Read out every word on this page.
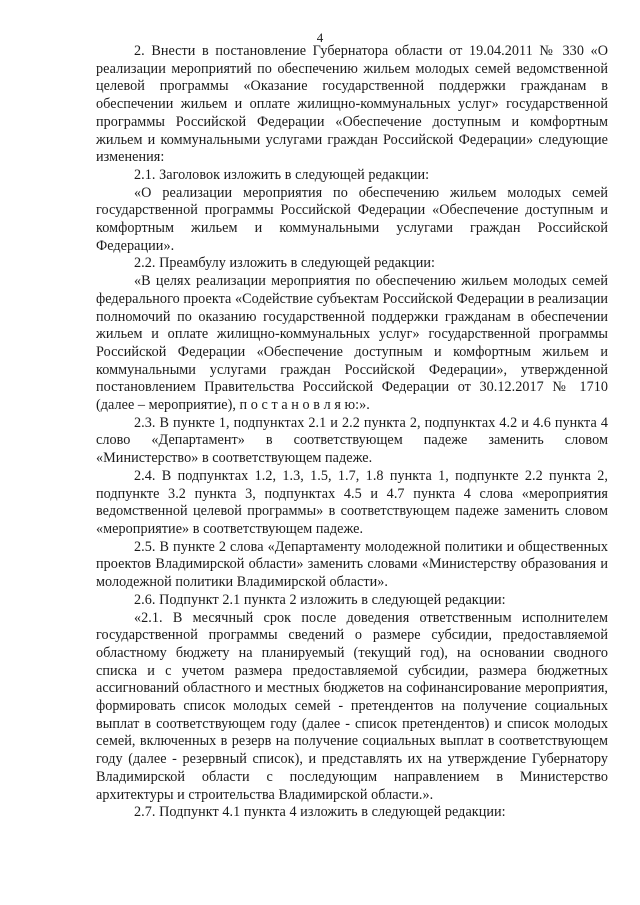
4

2. Внести в постановление Губернатора области от 19.04.2011 № 330 «О реализации мероприятий по обеспечению жильем молодых семей ведомственной целевой программы «Оказание государственной поддержки гражданам в обеспечении жильем и оплате жилищно-коммунальных услуг» государственной программы Российской Федерации «Обеспечение доступным и комфортным жильем и коммунальными услугами граждан Российской Федерации» следующие изменения:

2.1. Заголовок изложить в следующей редакции:

«О реализации мероприятия по обеспечению жильем молодых семей государственной программы Российской Федерации «Обеспечение доступным и комфортным жильем и коммунальными услугами граждан Российской Федерации».

2.2. Преамбулу изложить в следующей редакции:

«В целях реализации мероприятия по обеспечению жильем молодых семей федерального проекта «Содействие субъектам Российской Федерации в реализации полномочий по оказанию государственной поддержки гражданам в обеспечении жильем и оплате жилищно-коммунальных услуг» государственной программы Российской Федерации «Обеспечение доступным и комфортным жильем и коммунальными услугами граждан Российской Федерации», утвержденной постановлением Правительства Российской Федерации от 30.12.2017 № 1710 (далее – мероприятие), п о с т а н о в л я ю:».

2.3. В пункте 1, подпунктах 2.1 и 2.2 пункта 2, подпунктах 4.2 и 4.6 пункта 4 слово «Департамент» в соответствующем падеже заменить словом «Министерство» в соответствующем падеже.

2.4. В подпунктах 1.2, 1.3, 1.5, 1.7, 1.8 пункта 1, подпункте 2.2 пункта 2, подпункте 3.2 пункта 3, подпунктах 4.5 и 4.7 пункта 4 слова «мероприятия ведомственной целевой программы» в соответствующем падеже заменить словом «мероприятие» в соответствующем падеже.

2.5. В пункте 2 слова «Департаменту молодежной политики и общественных проектов Владимирской области» заменить словами «Министерству образования и молодежной политики Владимирской области».

2.6. Подпункт 2.1 пункта 2 изложить в следующей редакции:

«2.1. В месячный срок после доведения ответственным исполнителем государственной программы сведений о размере субсидии, предоставляемой областному бюджету на планируемый (текущий год), на основании сводного списка и с учетом размера предоставляемой субсидии, размера бюджетных ассигнований областного и местных бюджетов на софинансирование мероприятия, формировать список молодых семей - претендентов на получение социальных выплат в соответствующем году (далее - список претендентов) и список молодых семей, включенных в резерв на получение социальных выплат в соответствующем году (далее - резервный список), и представлять их на утверждение Губернатору Владимирской области с последующим направлением в Министерство архитектуры и строительства Владимирской области.».

2.7. Подпункт 4.1 пункта 4 изложить в следующей редакции:
